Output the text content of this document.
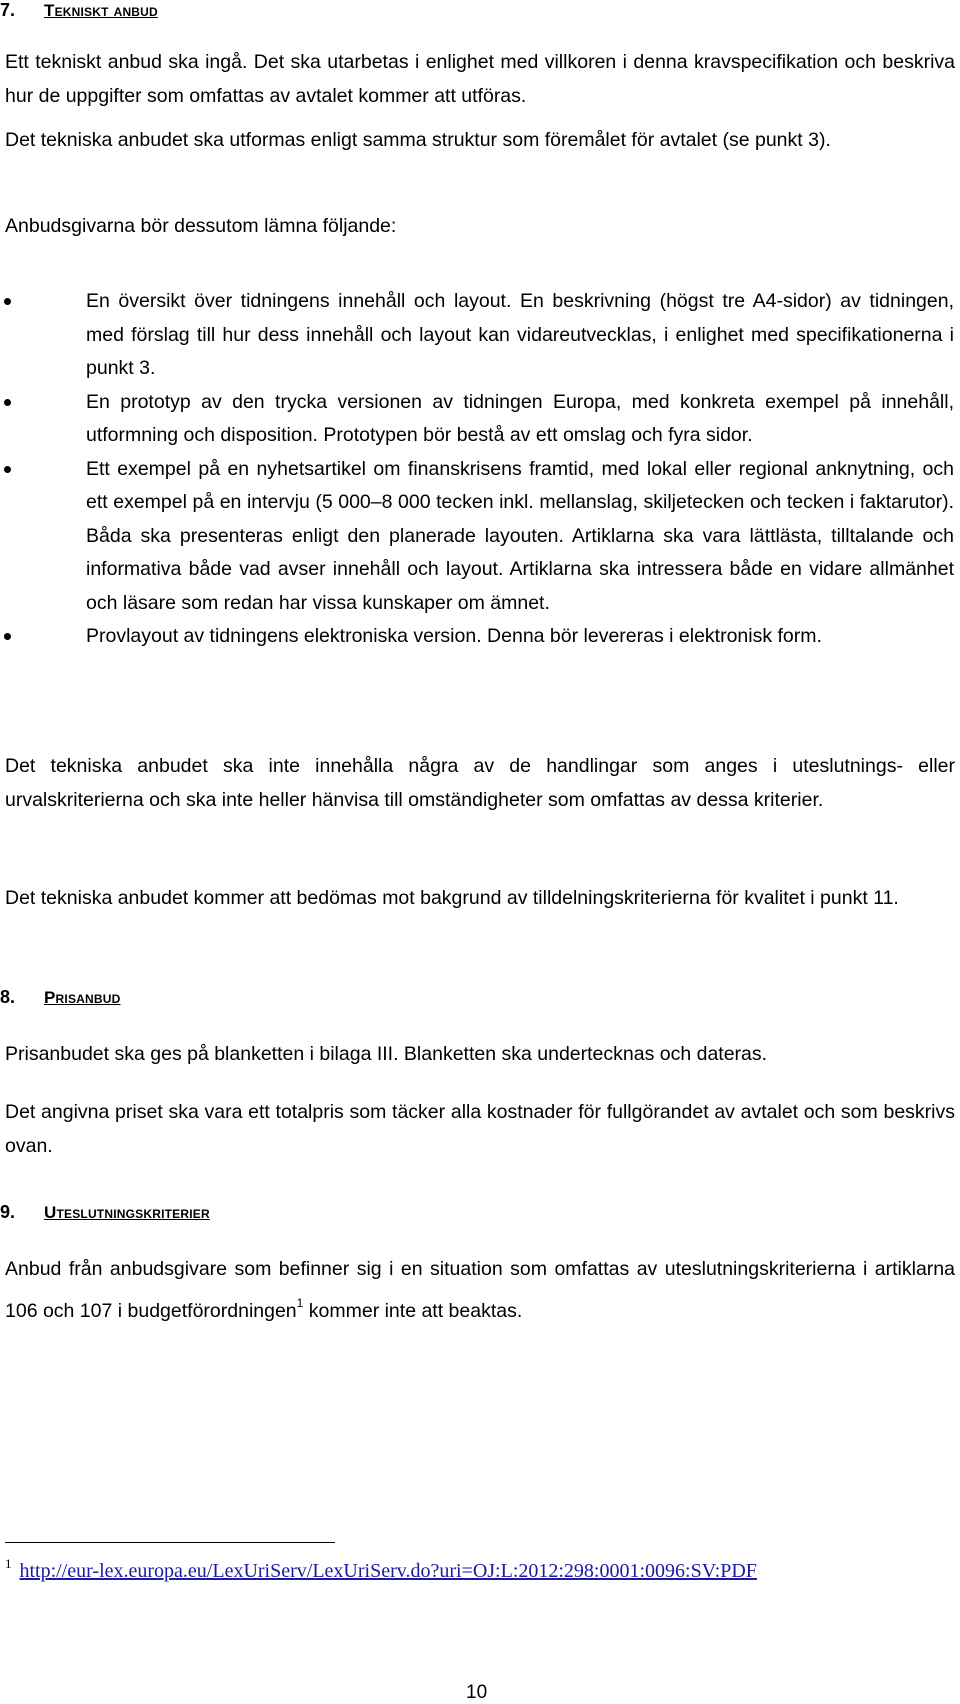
7. Tekniskt anbud

Ett tekniskt anbud ska ingå. Det ska utarbetas i enlighet med villkoren i denna kravspecifikation och beskriva hur de uppgifter som omfattas av avtalet kommer att utföras.

Det tekniska anbudet ska utformas enligt samma struktur som föremålet för avtalet (se punkt 3).

Anbudsgivarna bör dessutom lämna följande:

En översikt över tidningens innehåll och layout. En beskrivning (högst tre A4-sidor) av tidningen, med förslag till hur dess innehåll och layout kan vidareutvecklas, i enlighet med specifikationerna i punkt 3.
En prototyp av den trycka versionen av tidningen Europa, med konkreta exempel på innehåll, utformning och disposition. Prototypen bör bestå av ett omslag och fyra sidor.
Ett exempel på en nyhetsartikel om finanskrisens framtid, med lokal eller regional anknytning, och ett exempel på en intervju (5 000–8 000 tecken inkl. mellanslag, skiljetecken och tecken i faktarutor). Båda ska presenteras enligt den planerade layouten. Artiklarna ska vara lättlästa, tilltalande och informativa både vad avser innehåll och layout. Artiklarna ska intressera både en vidare allmänhet och läsare som redan har vissa kunskaper om ämnet.
Provlayout av tidningens elektroniska version. Denna bör levereras i elektronisk form.

Det tekniska anbudet ska inte innehålla några av de handlingar som anges i uteslutnings- eller urvalskriterierna och ska inte heller hänvisa till omständigheter som omfattas av dessa kriterier.

Det tekniska anbudet kommer att bedömas mot bakgrund av tilldelningskriterierna för kvalitet i punkt 11.

8. Prisanbud

Prisanbudet ska ges på blanketten i bilaga III. Blanketten ska undertecknas och dateras.

Det angivna priset ska vara ett totalpris som täcker alla kostnader för fullgörandet av avtalet och som beskrivs ovan.

9. Uteslutningskriterier

Anbud från anbudsgivare som befinner sig i en situation som omfattas av uteslutningskriterierna i artiklarna 106 och 107 i budgetförordningen$^1$ kommer inte att beaktas.

$^1$ http://eur-lex.europa.eu/LexUriServ/LexUriServ.do?uri=OJ:L:2012:298:0001:0096:SV:PDF
10
